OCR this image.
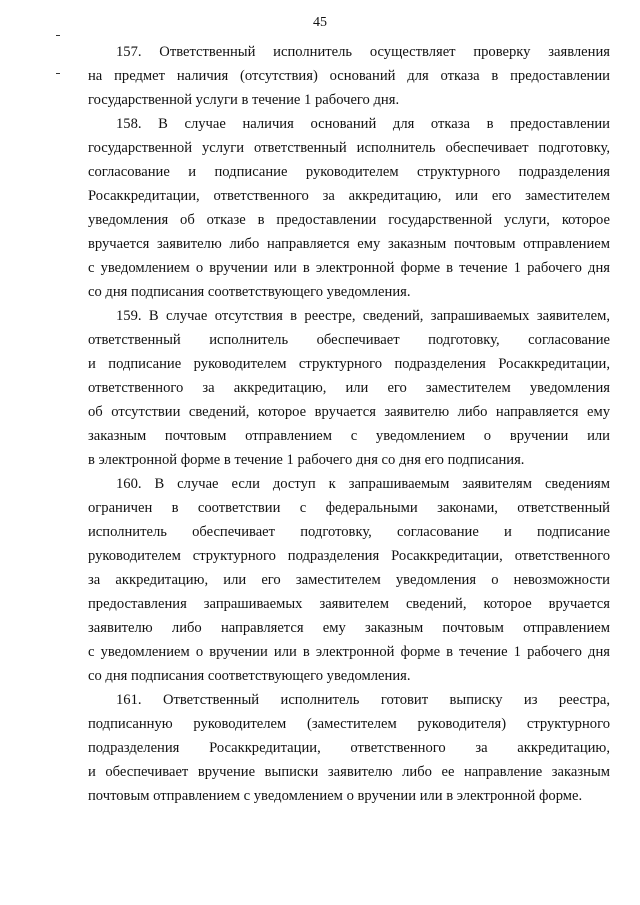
45
157. Ответственный исполнитель осуществляет проверку заявления
на предмет наличия (отсутствия) оснований для отказа в предоставлении
государственной услуги в течение 1 рабочего дня.
158. В случае наличия оснований для отказа в предоставлении
государственной услуги ответственный исполнитель обеспечивает подготовку,
согласование и подписание руководителем структурного подразделения
Росаккредитации, ответственного за аккредитацию, или его заместителем
уведомления об отказе в предоставлении государственной услуги, которое
вручается заявителю либо направляется ему заказным почтовым отправлением
с уведомлением о вручении или в электронной форме в течение 1 рабочего дня
со дня подписания соответствующего уведомления.
159. В случае отсутствия в реестре, сведений, запрашиваемых заявителем,
ответственный исполнитель обеспечивает подготовку, согласование
и подписание руководителем структурного подразделения Росаккредитации,
ответственного за аккредитацию, или его заместителем уведомления
об отсутствии сведений, которое вручается заявителю либо направляется ему
заказным почтовым отправлением с уведомлением о вручении или
в электронной форме в течение 1 рабочего дня со дня его подписания.
160. В случае если доступ к запрашиваемым заявителям сведениям
ограничен в соответствии с федеральными законами, ответственный
исполнитель обеспечивает подготовку, согласование и подписание
руководителем структурного подразделения Росаккредитации, ответственного
за аккредитацию, или его заместителем уведомления о невозможности
предоставления запрашиваемых заявителем сведений, которое вручается
заявителю либо направляется ему заказным почтовым отправлением
с уведомлением о вручении или в электронной форме в течение 1 рабочего дня
со дня подписания соответствующего уведомления.
161. Ответственный исполнитель готовит выписку из реестра,
подписанную руководителем (заместителем руководителя) структурного
подразделения Росаккредитации, ответственного за аккредитацию,
и обеспечивает вручение выписки заявителю либо ее направление заказным
почтовым отправлением с уведомлением о вручении или в электронной форме.
